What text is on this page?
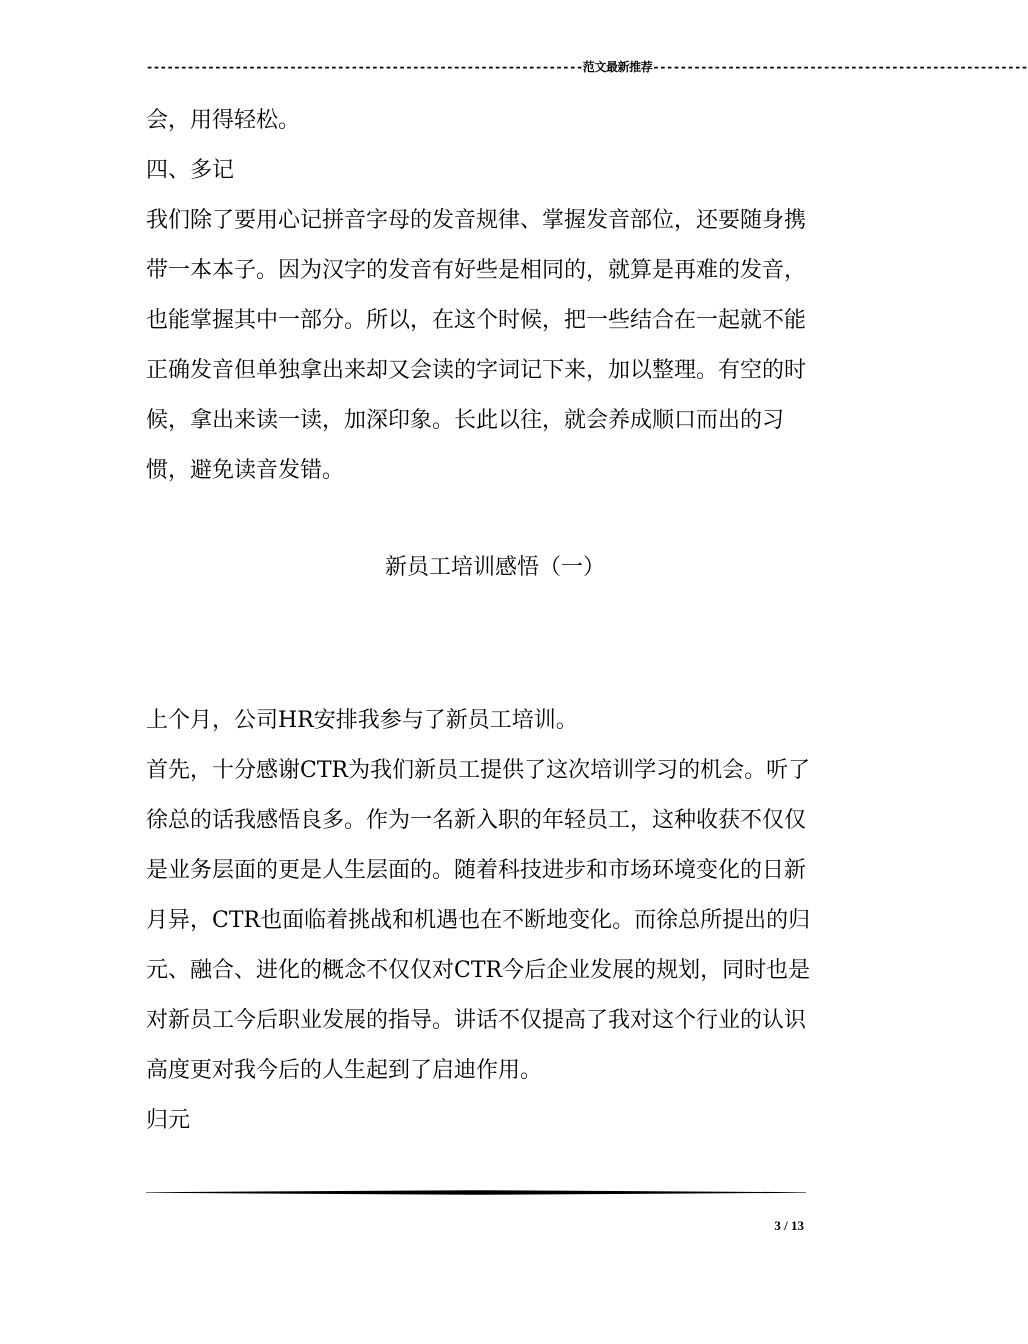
----------------------------------------------------------------范文最新推荐-------------------------------------------------------

会，用得轻松。

四、多记

我们除了要用心记拼音字母的发音规律、掌握发音部位，还要随身携带一本本子。因为汉字的发音有好些是相同的，就算是再难的发音，也能掌握其中一部分。所以，在这个时候，把一些结合在一起就不能正确发音但单独拿出来却又会读的字词记下来，加以整理。有空的时候，拿出来读一读，加深印象。长此以往，就会养成顺口而出的习惯，避免读音发错。

新员工培训感悟（一）

上个月，公司HR安排我参与了新员工培训。

首先，十分感谢CTR为我们新员工提供了这次培训学习的机会。听了徐总的话我感悟良多。作为一名新入职的年轻员工，这种收获不仅仅是业务层面的更是人生层面的。随着科技进步和市场环境变化的日新月异，CTR也面临着挑战和机遇也在不断地变化。而徐总所提出的归元、融合、进化的概念不仅仅对CTR今后企业发展的规划，同时也是对新员工今后职业发展的指导。讲话不仅提高了我对这个行业的认识高度更对我今后的人生起到了启迪作用。

归元

3 / 13
